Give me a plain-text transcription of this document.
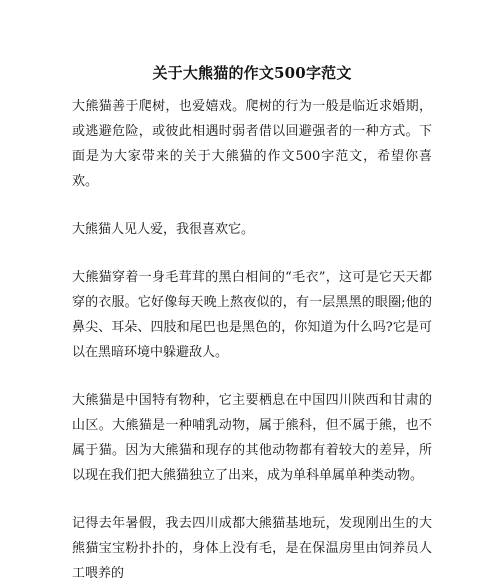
关于大熊猫的作文500字范文

大熊猫善于爬树，也爱嬉戏。爬树的行为一般是临近求婚期，或逃避危险，或彼此相遇时弱者借以回避强者的一种方式。下面是为大家带来的关于大熊猫的作文500字范文，希望你喜欢。

大熊猫人见人爱，我很喜欢它。

大熊猫穿着一身毛茸茸的黑白相间的“毛衣”，这可是它天天都穿的衣服。它好像每天晚上熬夜似的，有一层黑黑的眼圈;他的鼻尖、耳朵、四肢和尾巴也是黑色的，你知道为什么吗?它是可以在黑暗环境中躲避敌人。

大熊猫是中国特有物种，它主要栖息在中国四川陕西和甘肃的山区。大熊猫是一种哺乳动物，属于熊科，但不属于熊，也不属于猫。因为大熊猫和现存的其他动物都有着较大的差异，所以现在我们把大熊猫独立了出来，成为单科单属单种类动物。

记得去年暑假，我去四川成都大熊猫基地玩，发现刚出生的大熊猫宝宝粉扑扑的，身体上没有毛，是在保温房里由饲养员人工喂养的
